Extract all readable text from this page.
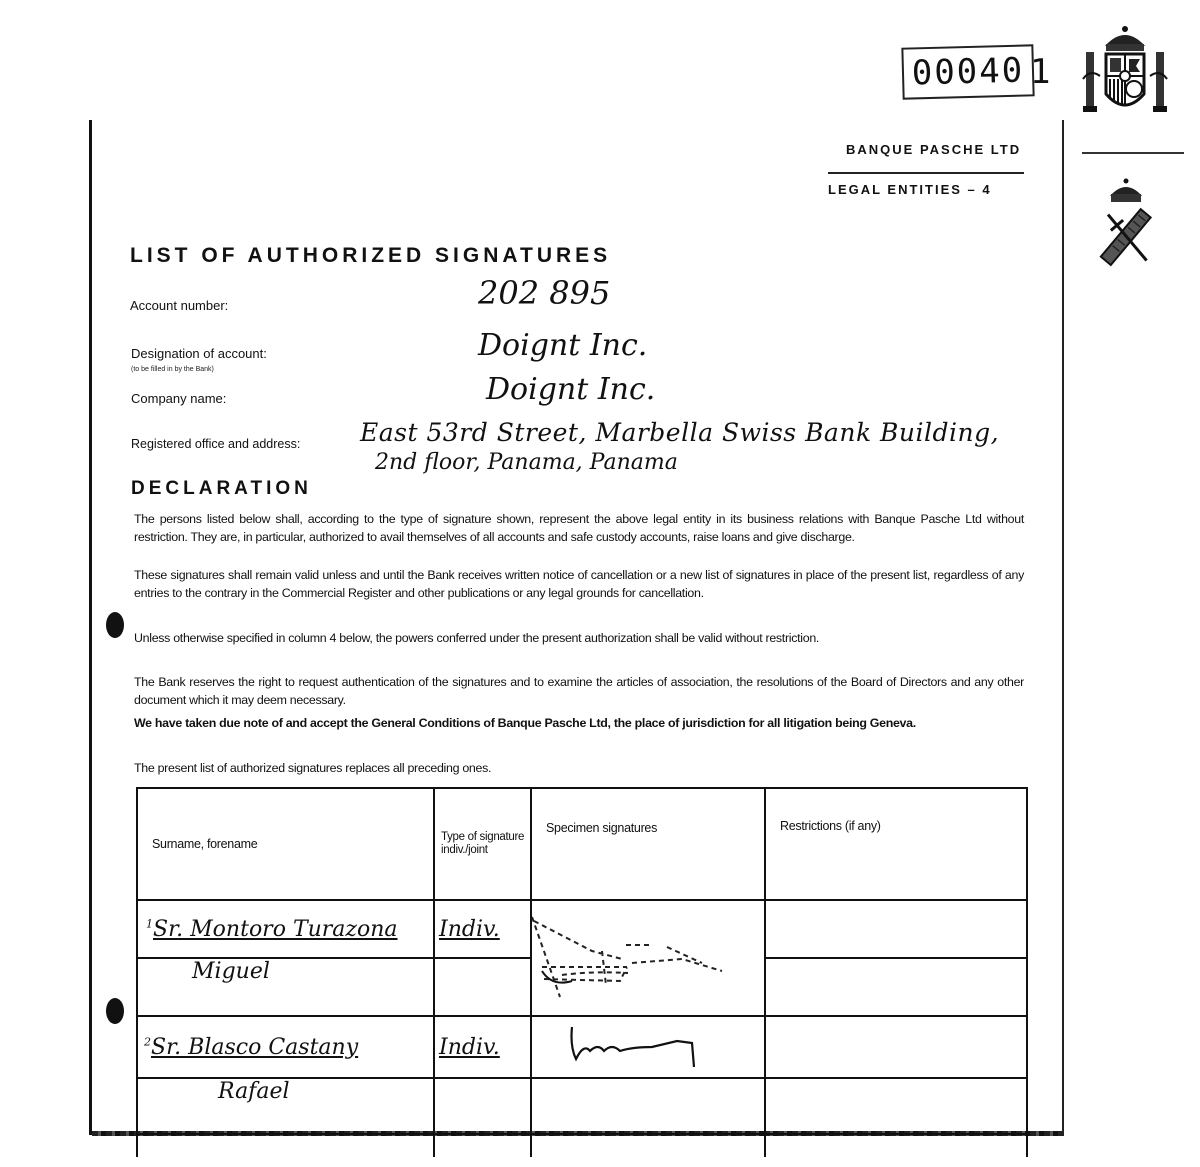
00040 1
BANQUE PASCHE LTD
LEGAL ENTITIES – 4
LIST OF AUTHORIZED SIGNATURES
Account number:	202 895
Designation of account:
(to be filled in by the Bank)
Doignt Inc.
Company name:	Doignt Inc.
Registered office and address: East 53rd Street, Marbella Swiss Bank Building,
2nd floor, Panama, Panama
DECLARATION
The persons listed below shall, according to the type of signature shown, represent the above legal entity in its business relations with Banque Pasche Ltd without restriction. They are, in particular, authorized to avail themselves of all accounts and safe custody accounts, raise loans and give discharge.
These signatures shall remain valid unless and until the Bank receives written notice of cancellation or a new list of signatures in place of the present list, regardless of any entries to the contrary in the Commercial Register and other publications or any legal grounds for cancellation.
Unless otherwise specified in column 4 below, the powers conferred under the present authorization shall be valid without restriction.
The Bank reserves the right to request authentication of the signatures and to examine the articles of association, the resolutions of the Board of Directors and any other document which it may deem necessary.
We have taken due note of and accept the General Conditions of Banque Pasche Ltd, the place of jurisdiction for all litigation being Geneva.
The present list of authorized signatures replaces all preceding ones.
Surname, forename	Type of signature indiv./joint	Specimen signatures	Restrictions (if any)
$^1$Sr. Montoro Turazona	Indiv.		
Miguel			
$^2$Sr. Blasco Castany	Indiv.		
Rafael			
